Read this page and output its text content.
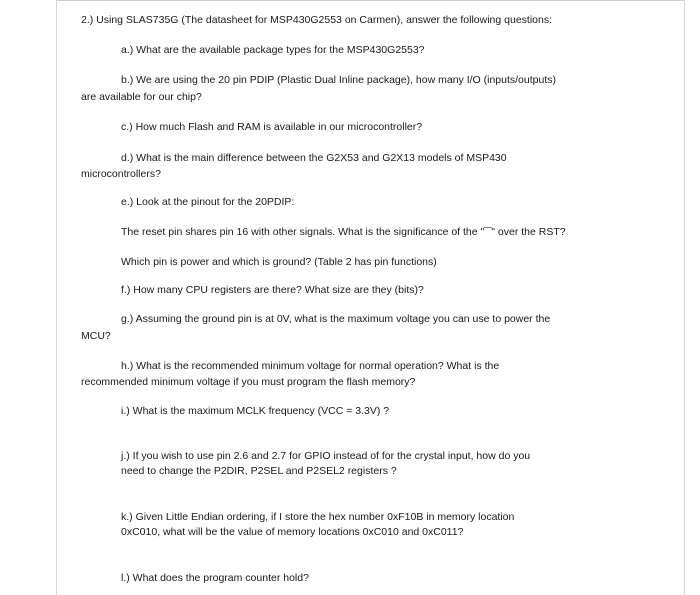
2.) Using SLAS735G (The datasheet for MSP430G2553 on Carmen), answer the following questions:
a.) What are the available package types for the MSP430G2553?
b.) We are using the 20 pin PDIP (Plastic Dual Inline package), how many I/O (inputs/outputs)
are available for our chip?
c.) How much Flash and RAM is available in our microcontroller?
d.) What is the main difference between the G2X53 and G2X13 models of MSP430
microcontrollers?
e.) Look at the pinout for the 20PDIP:
The reset pin shares pin 16 with other signals. What is the significance of the "‾‾" over the RST?
Which pin is power and which is ground? (Table 2 has pin functions)
f.) How many CPU registers are there? What size are they (bits)?
g.) Assuming the ground pin is at 0V, what is the maximum voltage you can use to power the
MCU?
h.) What is the recommended minimum voltage for normal operation? What is the
recommended minimum voltage if you must program the flash memory?
i.) What is the maximum MCLK frequency (VCC = 3.3V) ?
j.) If you wish to use pin 2.6 and 2.7 for GPIO instead of for the crystal input, how do you
need to change the P2DIR, P2SEL and P2SEL2 registers ?
k.) Given Little Endian ordering, if I store the hex number 0xF10B in memory location
0xC010, what will be the value of memory locations 0xC010 and 0xC011?
l.) What does the program counter hold?
